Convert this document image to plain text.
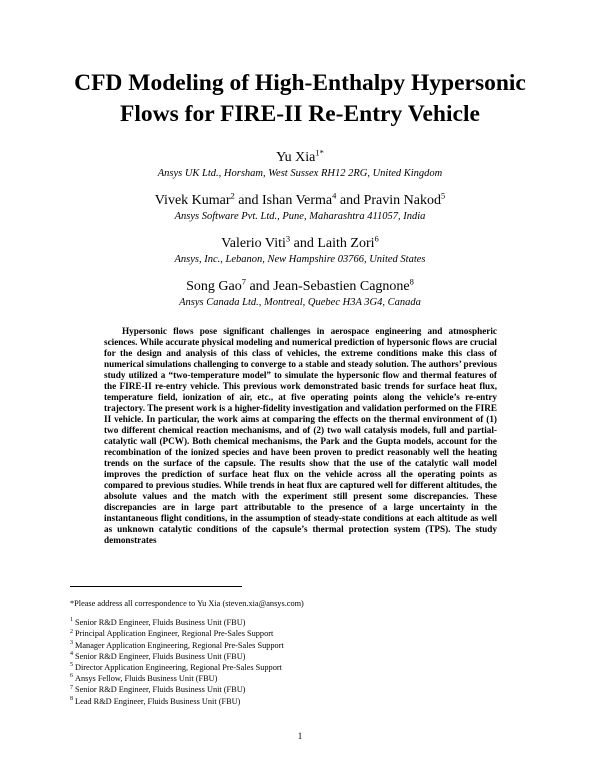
CFD Modeling of High-Enthalpy Hypersonic
Flows for FIRE-II Re-Entry Vehicle
Yu Xia$^{1*}$
Ansys UK Ltd., Horsham, West Sussex RH12 2RG, United Kingdom
Vivek Kumar$^2$ and Ishan Verma$^4$ and Pravin Nakod$^5$
Ansys Software Pvt. Ltd., Pune, Maharashtra 411057, India
Valerio Viti$^3$ and Laith Zori$^6$
Ansys, Inc., Lebanon, New Hampshire 03766, United States
Song Gao$^7$ and Jean-Sebastien Cagnone$^8$
Ansys Canada Ltd., Montreal, Quebec H3A 3G4, Canada

Hypersonic flows pose significant challenges in aerospace engineering and atmospheric sciences. While accurate physical modeling and numerical prediction of hypersonic flows are crucial for the design and analysis of this class of vehicles, the extreme conditions make this class of numerical simulations challenging to converge to a stable and steady solution. The authors’ previous study utilized a “two-temperature model” to simulate the hypersonic flow and thermal features of the FIRE-II re-entry vehicle. This previous work demonstrated basic trends for surface heat flux, temperature field, ionization of air, etc., at five operating points along the vehicle’s re-entry trajectory. The present work is a higher-fidelity investigation and validation performed on the FIRE II vehicle. In particular, the work aims at comparing the effects on the thermal environment of (1) two different chemical reaction mechanisms, and of (2) two wall catalysis models, full and partial-catalytic wall (PCW). Both chemical mechanisms, the Park and the Gupta models, account for the recombination of the ionized species and have been proven to predict reasonably well the heating trends on the surface of the capsule. The results show that the use of the catalytic wall model improves the prediction of surface heat flux on the vehicle across all the operating points as compared to previous studies. While trends in heat flux are captured well for different altitudes, the absolute values and the match with the experiment still present some discrepancies. These discrepancies are in large part attributable to the presence of a large uncertainty in the instantaneous flight conditions, in the assumption of steady-state conditions at each altitude as well as unknown catalytic conditions of the capsule’s thermal protection system (TPS). The study demonstrates

*Please address all correspondence to Yu Xia (steven.xia@ansys.com)
$^1$ Senior R&D Engineer, Fluids Business Unit (FBU)
$^2$ Principal Application Engineer, Regional Pre-Sales Support
$^3$ Manager Application Engineering, Regional Pre-Sales Support
$^4$ Senior R&D Engineer, Fluids Business Unit (FBU)
$^5$ Director Application Engineering, Regional Pre-Sales Support
$^6$ Ansys Fellow, Fluids Business Unit (FBU)
$^7$ Senior R&D Engineer, Fluids Business Unit (FBU)
$^8$ Lead R&D Engineer, Fluids Business Unit (FBU)
1
